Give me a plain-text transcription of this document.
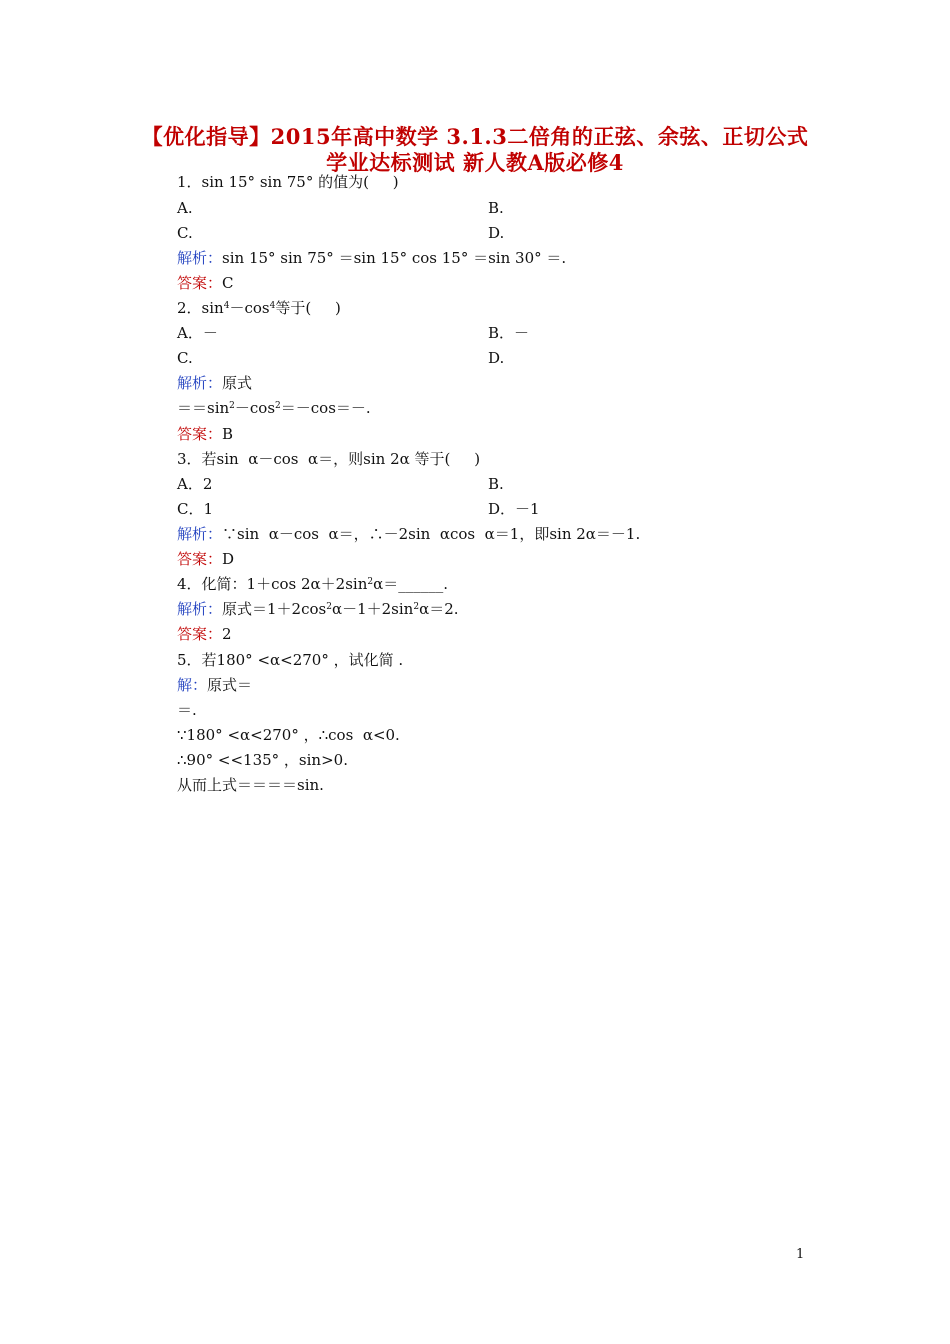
【优化指导】2015年高中数学 3.1.3二倍角的正弦、余弦、正切公式
学业达标测试 新人教A版必修4
1．sin 15° sin 75° 的值为(     )
A.	B.
C.	D.
解析：sin 15° sin 75° ＝sin 15° cos 15° ＝sin 30° ＝.
答案：C
2．$\sin^4-\cos^4$等于(     )
A．－	B．－
C.	D.
解析：原式
$==\sin^2-\cos^2=-\cos=-$.
答案：B
3．若sin  α－cos  α＝，则sin 2α 等于(     )
A．2	B.
C．1	D．－1
解析：∵sin  α－cos  α＝，∴－2sin  αcos  α＝1，即sin 2α＝－1.
答案：D
4．化简：1＋cos $2\alpha+2\sin^2\alpha=\_\_\_\_\_\_$.
解析：原式$=1+2\cos^2\alpha-1+2\sin^2\alpha=2$.
答案：2
5．若180° <α<270° ，试化简 .
解：原式＝
＝.
∵180° <α<270° ，∴cos  α<0.
∴90° <<135° ，sin>0.
从而上式＝＝＝＝sin.
1
